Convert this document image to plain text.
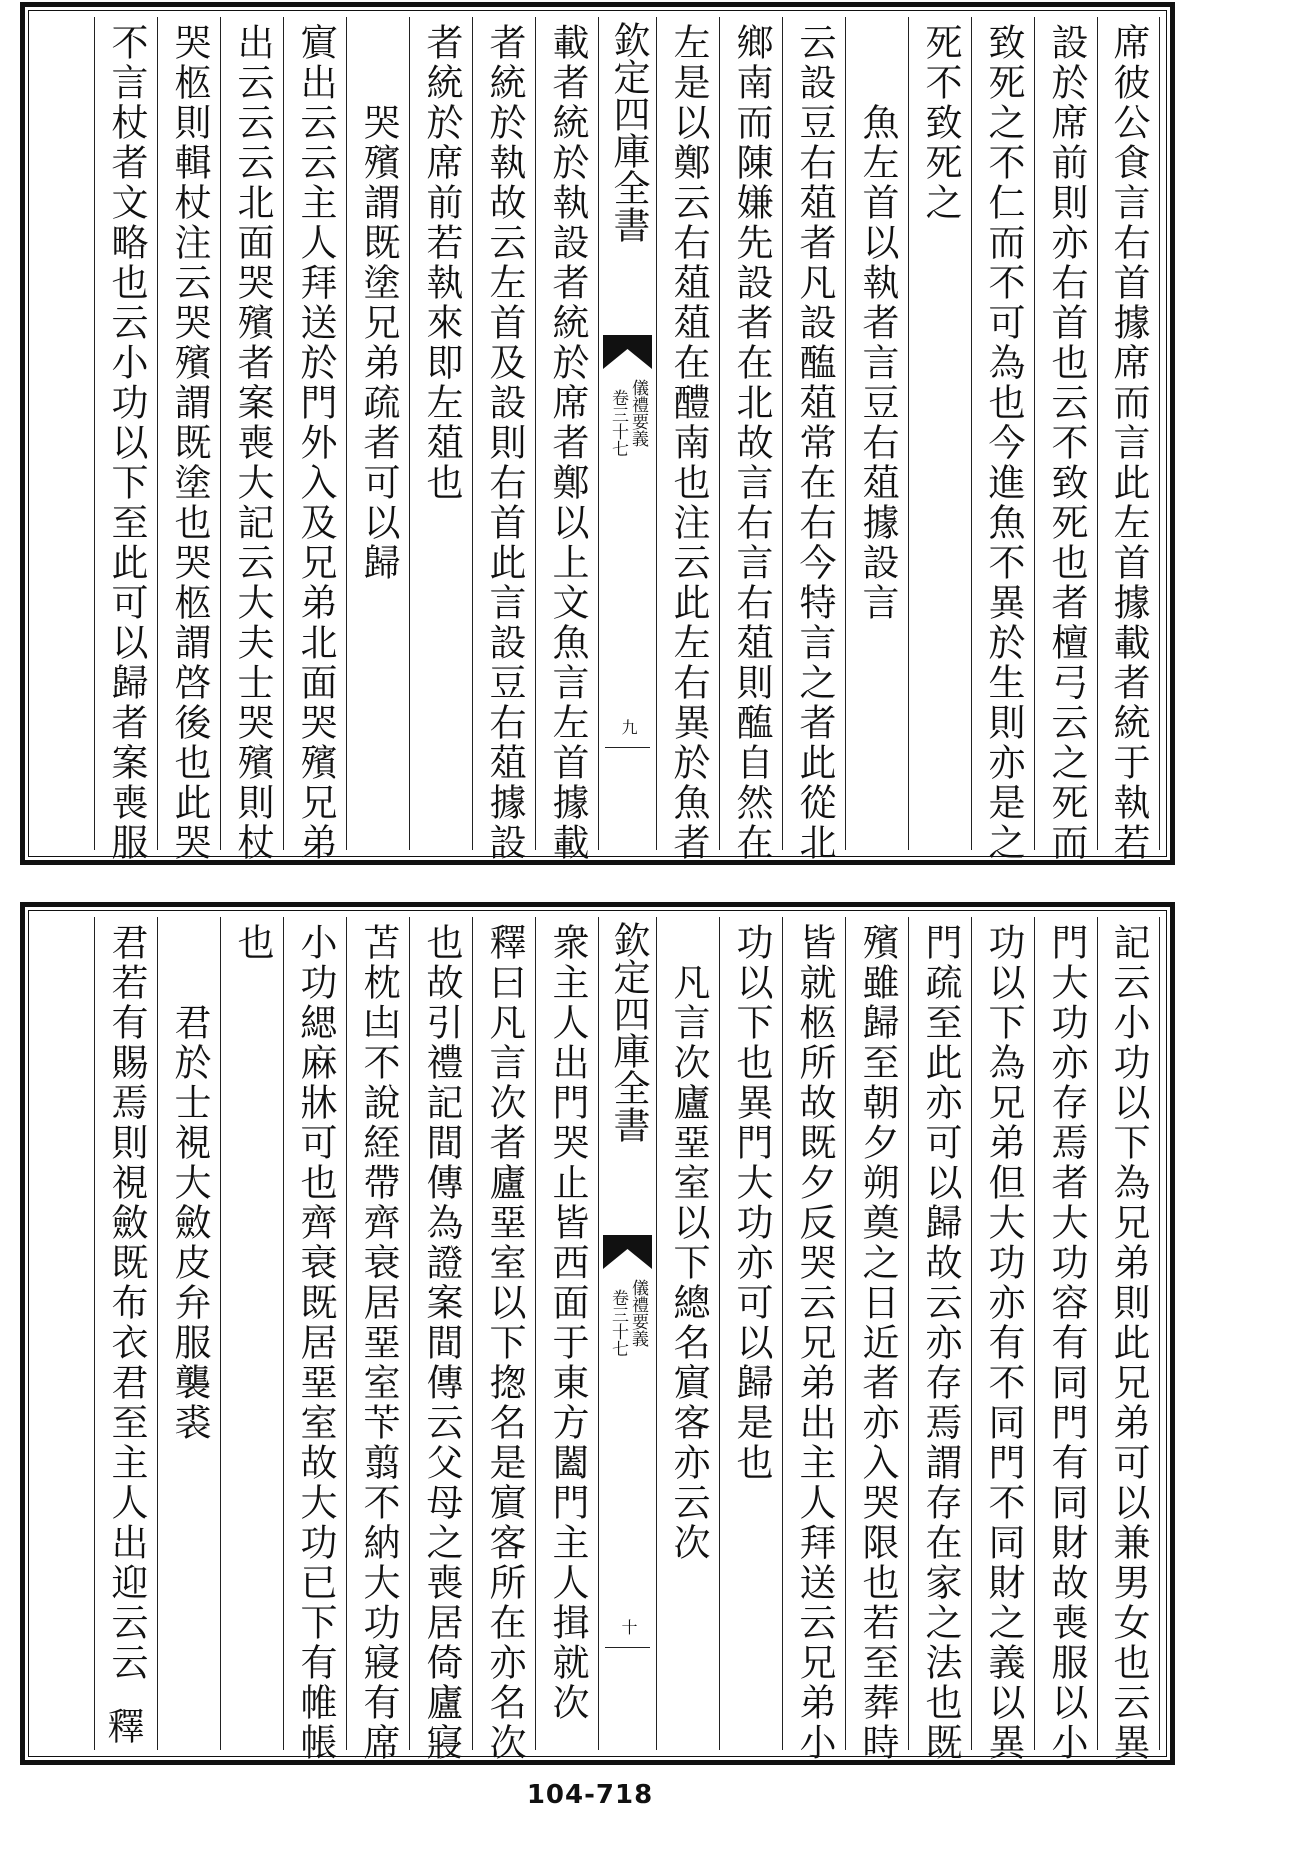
席彼公食言右首據席而言此左首據載者統于執若
設於席前則亦右首也云不致死也者檀弓云之死而
致死之不仁而不可為也今進魚不異於生則亦是之
死不致死之
魚左首以執者言豆右葅據設言
云設豆右葅者凡設醢葅常在右今特言之者此從北
鄉南而陳嫌先設者在北故言右言右葅則醢自然在
左是以鄭云右葅葅在醴南也注云此左右異於魚者
欽定四庫全書
儀禮要義
卷三十七
九
載者統於執設者統於席者鄭以上文魚言左首據載
者統於執故云左首及設則右首此言設豆右葅據設
者統於席前若執來即左葅也
哭殯謂既塗兄弟疏者可以歸
賔出云云主人拜送於門外入及兄弟北面哭殯兄弟
出云云云北面哭殯者案喪大記云大夫士哭殯則杖
哭柩則輯杖注云哭殯謂既塗也哭柩謂啓後也此哭
不言杖者文略也云小功以下至此可以歸者案喪服
記云小功以下為兄弟則此兄弟可以兼男女也云異
門大功亦存焉者大功容有同門有同財故喪服以小
功以下為兄弟但大功亦有不同門不同財之義以異
門疏至此亦可以歸故云亦存焉謂存在家之法也既
殯雖歸至朝夕朔奠之日近者亦入哭限也若至葬時
皆就柩所故既夕反哭云兄弟出主人拜送云兄弟小
功以下也異門大功亦可以歸是也
凡言次廬堊室以下總名賔客亦云次
欽定四庫全書
儀禮要義
卷三十七
十
衆主人出門哭止皆西面于東方闔門主人揖就次
釋曰凡言次者廬堊室以下揔名是賔客所在亦名次
也故引禮記間傳為證案間傳云父母之喪居倚廬寢
苫枕凷不說絰帶齊衰居堊室苄翦不納大功寢有席
小功緦麻牀可也齊衰既居堊室故大功已下有帷帳
也
君於士視大斂皮弁服襲裘
君若有賜焉則視斂既布衣君至主人出迎云云
釋
104-718
